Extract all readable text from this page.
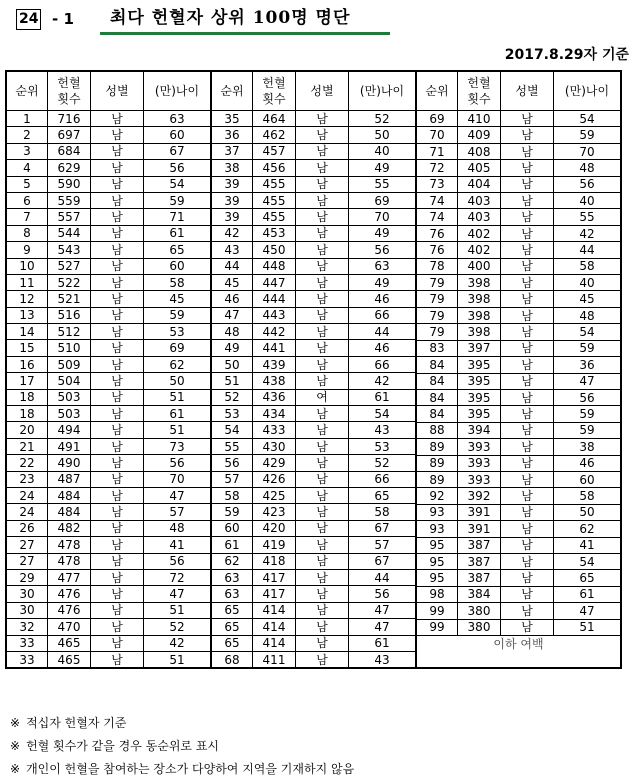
24 - 1 최다 헌혈자 상위 100명 명단
2017.8.29자 기준
순위	헌혈
횟수	성별	(만)나이
1	716	남	63
2	697	남	60
3	684	남	67
4	629	남	56
5	590	남	54
6	559	남	59
7	557	남	71
8	544	남	61
9	543	남	65
10	527	남	60
11	522	남	58
12	521	남	45
13	516	남	59
14	512	남	53
15	510	남	69
16	509	남	62
17	504	남	50
18	503	남	51
18	503	남	61
20	494	남	51
21	491	남	73
22	490	남	56
23	487	남	70
24	484	남	47
24	484	남	57
26	482	남	48
27	478	남	41
27	478	남	56
29	477	남	72
30	476	남	47
30	476	남	51
32	470	남	52
33	465	남	42
33	465	남	51
순위	헌혈
횟수	성별	(만)나이
35	464	남	52
36	462	남	50
37	457	남	40
38	456	남	49
39	455	남	55
39	455	남	69
39	455	남	70
42	453	남	49
43	450	남	56
44	448	남	63
45	447	남	49
46	444	남	46
47	443	남	66
48	442	남	44
49	441	남	46
50	439	남	66
51	438	남	42
52	436	여	61
53	434	남	54
54	433	남	43
55	430	남	53
56	429	남	52
57	426	남	66
58	425	남	65
59	423	남	58
60	420	남	67
61	419	남	57
62	418	남	67
63	417	남	44
63	417	남	56
65	414	남	47
65	414	남	47
65	414	남	61
68	411	남	43
순위	헌혈
횟수	성별	(만)나이
69	410	남	54
70	409	남	59
71	408	남	70
72	405	남	48
73	404	남	56
74	403	남	40
74	403	남	55
76	402	남	42
76	402	남	44
78	400	남	58
79	398	남	40
79	398	남	45
79	398	남	48
79	398	남	54
83	397	남	59
84	395	남	36
84	395	남	47
84	395	남	56
84	395	남	59
88	394	남	59
89	393	남	38
89	393	남	46
89	393	남	60
92	392	남	58
93	391	남	50
93	391	남	62
95	387	남	41
95	387	남	54
95	387	남	65
98	384	남	61
99	380	남	47
99	380	남	51
이하 여백			

※ 적십자 헌혈자 기준
※ 헌혈 횟수가 같을 경우 동순위로 표시
※ 개인이 헌혈을 참여하는 장소가 다양하여 지역을 기재하지 않음
